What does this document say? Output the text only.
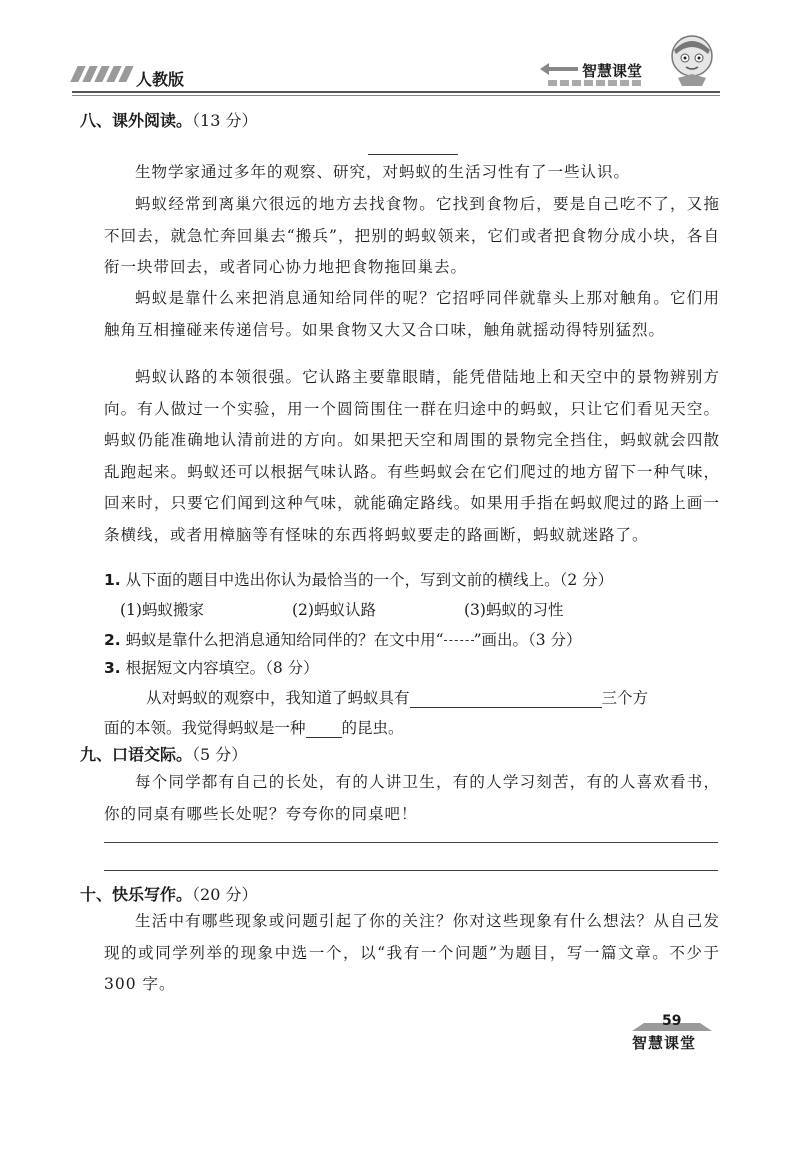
人教版	智慧课堂
八、课外阅读。（13 分）

生物学家通过多年的观察、研究，对蚂蚁的生活习性有了一些认识。

蚂蚁经常到离巢穴很远的地方去找食物。它找到食物后，要是自己吃不了，又拖不回去，就急忙奔回巢去“搬兵”，把别的蚂蚁领来，它们或者把食物分成小块，各自衔一块带回去，或者同心协力地把食物拖回巢去。

蚂蚁是靠什么来把消息通知给同伴的呢？它招呼同伴就靠头上那对触角。它们用触角互相撞碰来传递信号。如果食物又大又合口味，触角就摇动得特别猛烈。

蚂蚁认路的本领很强。它认路主要靠眼睛，能凭借陆地上和天空中的景物辨别方向。有人做过一个实验，用一个圆筒围住一群在归途中的蚂蚁，只让它们看见天空。蚂蚁仍能准确地认清前进的方向。如果把天空和周围的景物完全挡住，蚂蚁就会四散乱跑起来。蚂蚁还可以根据气味认路。有些蚂蚁会在它们爬过的地方留下一种气味，回来时，只要它们闻到这种气味，就能确定路线。如果用手指在蚂蚁爬过的路上画一条横线，或者用樟脑等有怪味的东西将蚂蚁要走的路画断，蚂蚁就迷路了。

1. 从下面的题目中选出你认为最恰当的一个，写到文前的横线上。（2 分）
(1)蚂蚁搬家	(2)蚂蚁认路	(3)蚂蚁的习性
2. 蚂蚁是靠什么把消息通知给同伴的？在文中用“ ”画出。（3 分）
3. 根据短文内容填空。（8 分）
从对蚂蚁的观察中，我知道了蚂蚁具有	三个方
面的本领。我觉得蚂蚁是一种 的昆虫。
九、口语交际。（5 分）

每个同学都有自己的长处，有的人讲卫生，有的人学习刻苦，有的人喜欢看书，你的同桌有哪些长处呢？夸夸你的同桌吧！

十、快乐写作。（20 分）

生活中有哪些现象或问题引起了你的关注？你对这些现象有什么想法？从自己发现的或同学列举的现象中选一个，以“我有一个问题”为题目，写一篇文章。不少于 300 字。

59
智慧课堂
